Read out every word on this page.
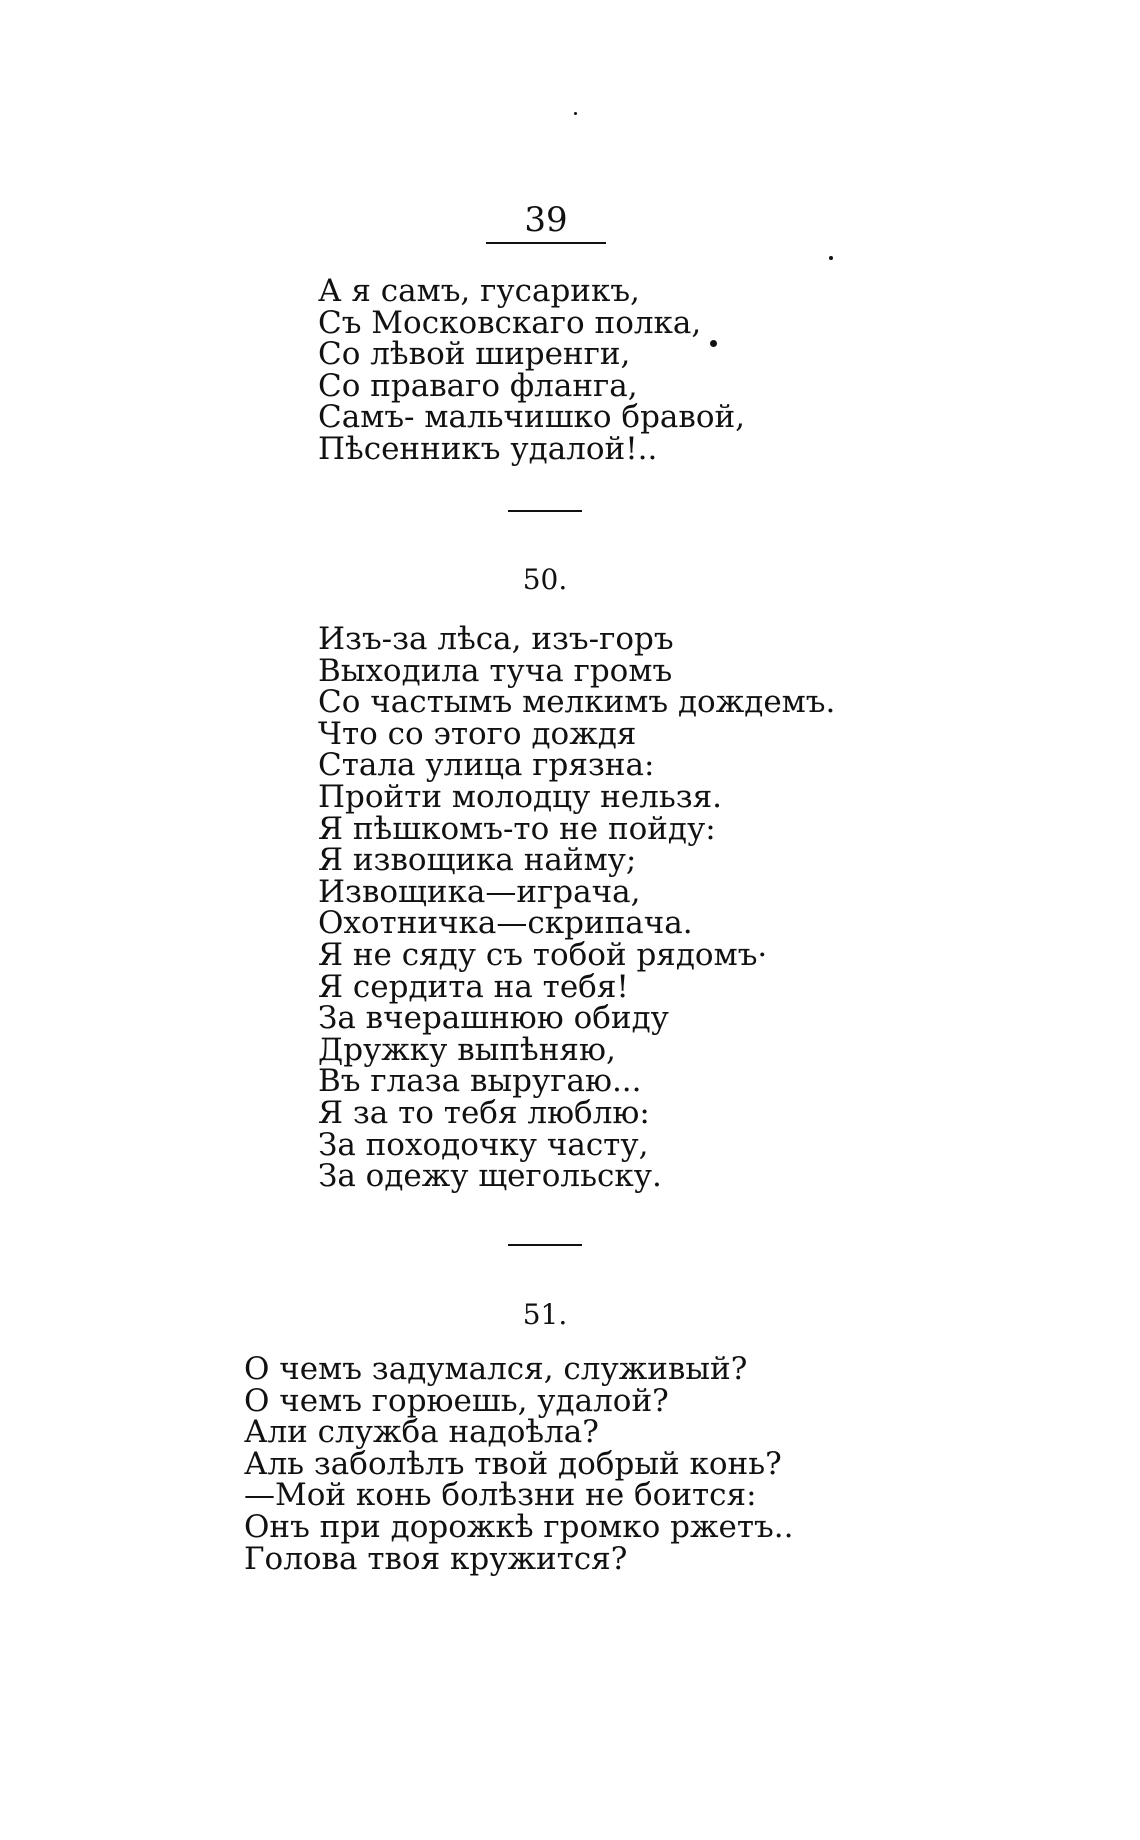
39
А я самъ, гусарикъ,
Съ Московскаго полка,
Со лѣвой ширенги,
Со праваго фланга,
Самъ- мальчишко бравой,
Пѣсенникъ удалой!..
50.
Изъ-за лѣса, изъ-горъ
Выходила туча громъ
Со частымъ мелкимъ дождемъ.
Что со этого дождя
Стала улица грязна:
Пройти молодцу нельзя.
Я пѣшкомъ-то не пойду:
Я извощика найму;
Извощика—играча,
Охотничка—скрипача.
Я не сяду съ тобой рядомъ·
Я сердита на тебя!
За вчерашнюю обиду
Дружку выпѣняю,
Въ глаза выругаю...
Я за то тебя люблю:
За походочку часту,
За одежу щегольску.
51.
О чемъ задумался, служивый?
О чемъ горюешь, удалой?
Али служба надоѣла?
Аль заболѣлъ твой добрый конь?
—Мой конь болѣзни не боится:
Онъ при дорожкѣ громко ржетъ..
Голова твоя кружится?
